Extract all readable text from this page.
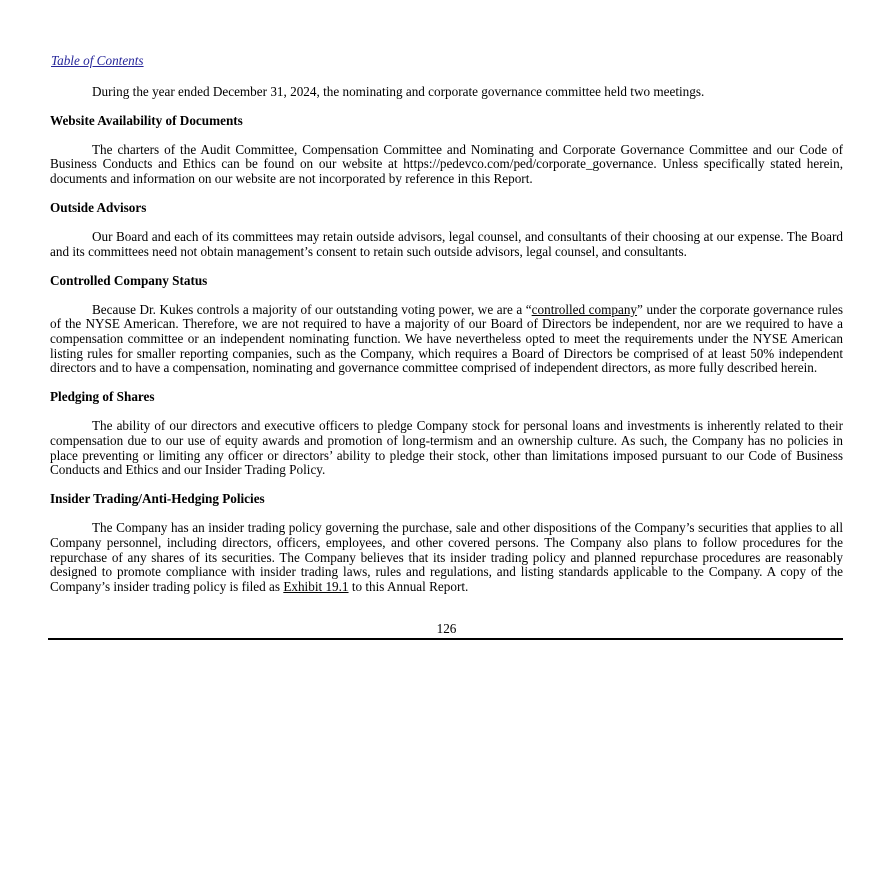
Table of Contents

During the year ended December 31, 2024, the nominating and corporate governance committee held two meetings.

Website Availability of Documents

The charters of the Audit Committee, Compensation Committee and Nominating and Corporate Governance Committee and our Code of Business Conducts and Ethics can be found on our website at https://pedevco.com/ped/corporate_governance. Unless specifically stated herein, documents and information on our website are not incorporated by reference in this Report.

Outside Advisors

Our Board and each of its committees may retain outside advisors, legal counsel, and consultants of their choosing at our expense. The Board and its committees need not obtain management’s consent to retain such outside advisors, legal counsel, and consultants.

Controlled Company Status

Because Dr. Kukes controls a majority of our outstanding voting power, we are a “controlled company” under the corporate governance rules of the NYSE American. Therefore, we are not required to have a majority of our Board of Directors be independent, nor are we required to have a compensation committee or an independent nominating function. We have nevertheless opted to meet the requirements under the NYSE American listing rules for smaller reporting companies, such as the Company, which requires a Board of Directors be comprised of at least 50% independent directors and to have a compensation, nominating and governance committee comprised of independent directors, as more fully described herein.

Pledging of Shares

The ability of our directors and executive officers to pledge Company stock for personal loans and investments is inherently related to their compensation due to our use of equity awards and promotion of long-termism and an ownership culture. As such, the Company has no policies in place preventing or limiting any officer or directors’ ability to pledge their stock, other than limitations imposed pursuant to our Code of Business Conducts and Ethics and our Insider Trading Policy.

Insider Trading/Anti-Hedging Policies

The Company has an insider trading policy governing the purchase, sale and other dispositions of the Company’s securities that applies to all Company personnel, including directors, officers, employees, and other covered persons. The Company also plans to follow procedures for the repurchase of any shares of its securities. The Company believes that its insider trading policy and planned repurchase procedures are reasonably designed to promote compliance with insider trading laws, rules and regulations, and listing standards applicable to the Company. A copy of the Company’s insider trading policy is filed as Exhibit 19.1 to this Annual Report.

126
